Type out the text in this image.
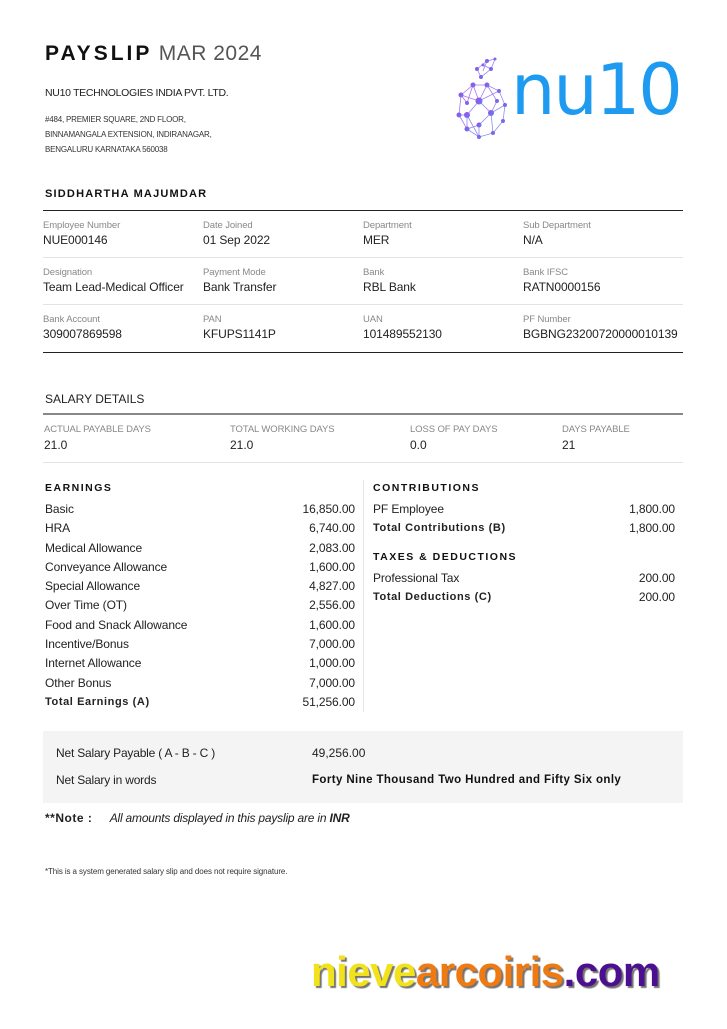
PAYSLIP MAR 2024
NU10 TECHNOLOGIES INDIA PVT. LTD.
#484, PREMIER SQUARE, 2ND FLOOR,
BINNAMANGALA EXTENSION, INDIRANAGAR,
BENGALURU KARNATAKA 560038
nu10
SIDDHARTHA MAJUMDAR
Employee Number
NUE000146
Date Joined
01 Sep 2022
Department
MER
Sub Department
N/A
Designation
Team Lead-Medical Officer
Payment Mode
Bank Transfer
Bank
RBL Bank
Bank IFSC
RATN0000156
Bank Account
309007869598
PAN
KFUPS1141P
UAN
101489552130
PF Number
BGBNG23200720000010139
SALARY DETAILS
ACTUAL PAYABLE DAYS
21.0
TOTAL WORKING DAYS
21.0
LOSS OF PAY DAYS
0.0
DAYS PAYABLE
21
EARNINGS
Basic	16,850.00
HRA	6,740.00
Medical Allowance	2,083.00
Conveyance Allowance	1,600.00
Special Allowance	4,827.00
Over Time (OT)	2,556.00
Food and Snack Allowance	1,600.00
Incentive/Bonus	7,000.00
Internet Allowance	1,000.00
Other Bonus	7,000.00
Total Earnings (A)	51,256.00
CONTRIBUTIONS
PF Employee	1,800.00
Total Contributions (B)	1,800.00
TAXES & DEDUCTIONS
Professional Tax	200.00
Total Deductions (C)	200.00
Net Salary Payable ( A - B - C )	49,256.00
Net Salary in words	Forty Nine Thousand Two Hundred and Fifty Six only
**Note : All amounts displayed in this payslip are in INR
*This is a system generated salary slip and does not require signature.
nievearcoiris.com
